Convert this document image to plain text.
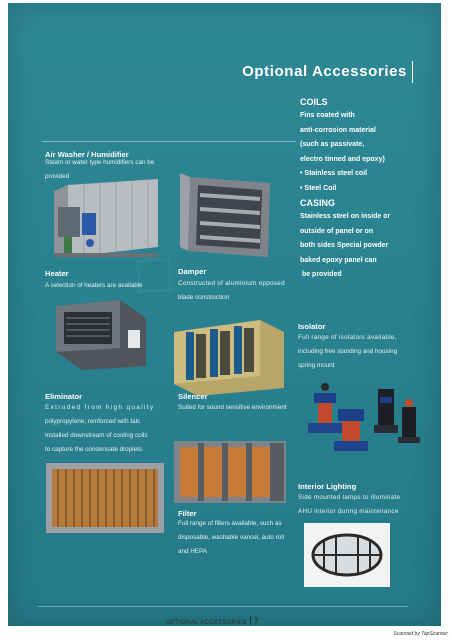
Optional Accessories
COILS
Fins coated with
anti-corrosion material
(such as passivate,
electro tinned and epoxy)
• Stainless steel coil
• Steel Coil
CASING
Stainless steel on inside or
outside of panel or on
both sides Special powder
baked epoxy panel can
be provided
Air Washer / Humidifier
Steam or water type humidifiers can be
provided
Heater
A selection of heaters are available
Damper
Constructed of aluminium opposed
blade construction
Isolator
Full range of isolators available,
including free standing and housing
spring mount
Eliminator
Extruded from high quality
polypropylene, reinforced with talc
Installed downstream of cooling coils
to capture the condensate droplets
Silencer
Suited for sound sensitive environment
Interior Lighting
Side mounted lamps to illuminate
AHU interior during maintenance
Filter
Full range of filters available, such as
disposable, washable vancel, auto roll
and HEPA
OPTIONAL ACCESSORIES 7
Scanned by TapScanner
